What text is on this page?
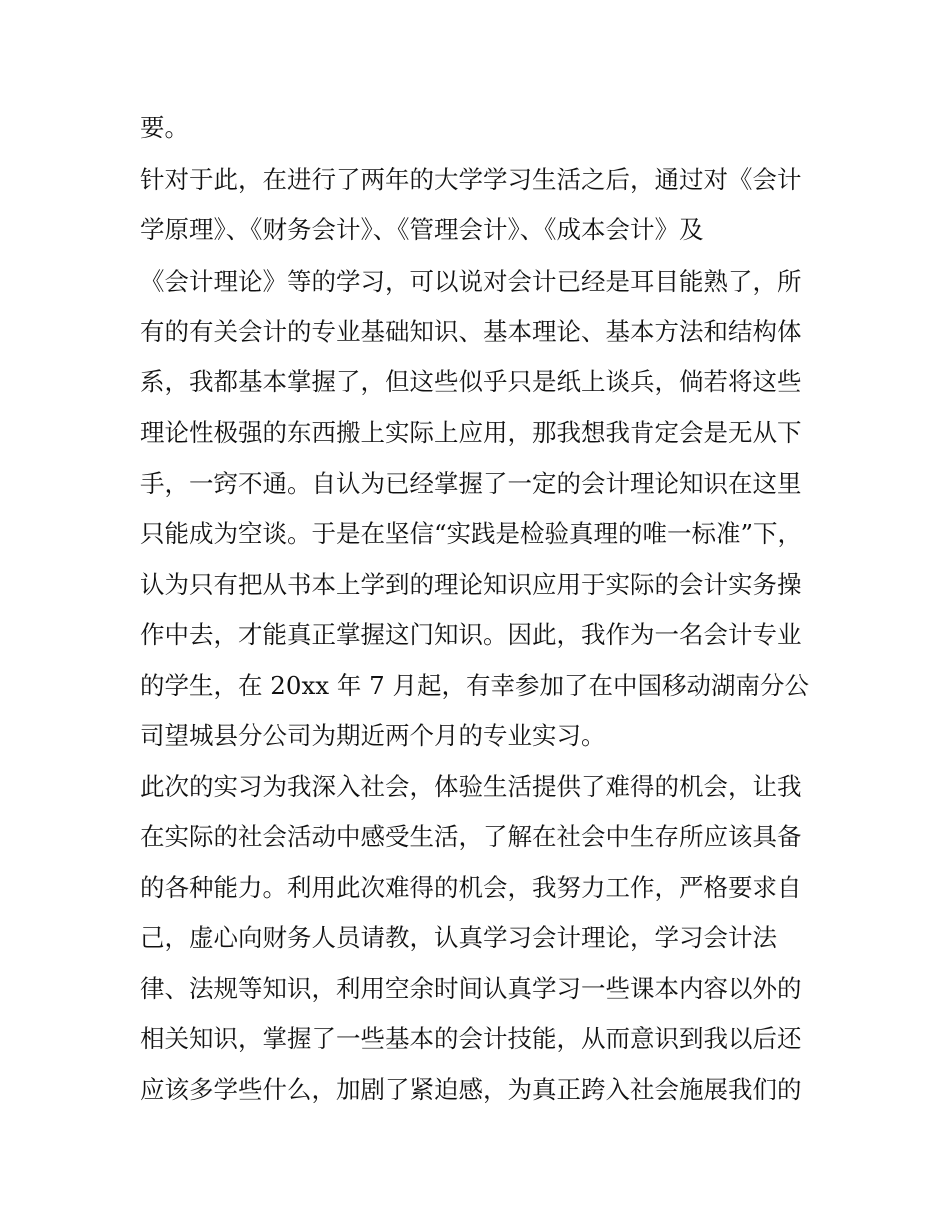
要。
针对于此，在进行了两年的大学学习生活之后，通过对《会计
学原理》、《财务会计》、《管理会计》、《成本会计》及
《会计理论》等的学习，可以说对会计已经是耳目能熟了，所
有的有关会计的专业基础知识、基本理论、基本方法和结构体
系，我都基本掌握了，但这些似乎只是纸上谈兵，倘若将这些
理论性极强的东西搬上实际上应用，那我想我肯定会是无从下
手，一窍不通。自认为已经掌握了一定的会计理论知识在这里
只能成为空谈。于是在坚信“实践是检验真理的唯一标准”下，
认为只有把从书本上学到的理论知识应用于实际的会计实务操
作中去，才能真正掌握这门知识。因此，我作为一名会计专业
的学生，在 20xx 年 7 月起，有幸参加了在中国移动湖南分公
司望城县分公司为期近两个月的专业实习。
此次的实习为我深入社会，体验生活提供了难得的机会，让我
在实际的社会活动中感受生活，了解在社会中生存所应该具备
的各种能力。利用此次难得的机会，我努力工作，严格要求自
己，虚心向财务人员请教，认真学习会计理论，学习会计法
律、法规等知识，利用空余时间认真学习一些课本内容以外的
相关知识，掌握了一些基本的会计技能，从而意识到我以后还
应该多学些什么，加剧了紧迫感，为真正跨入社会施展我们的
